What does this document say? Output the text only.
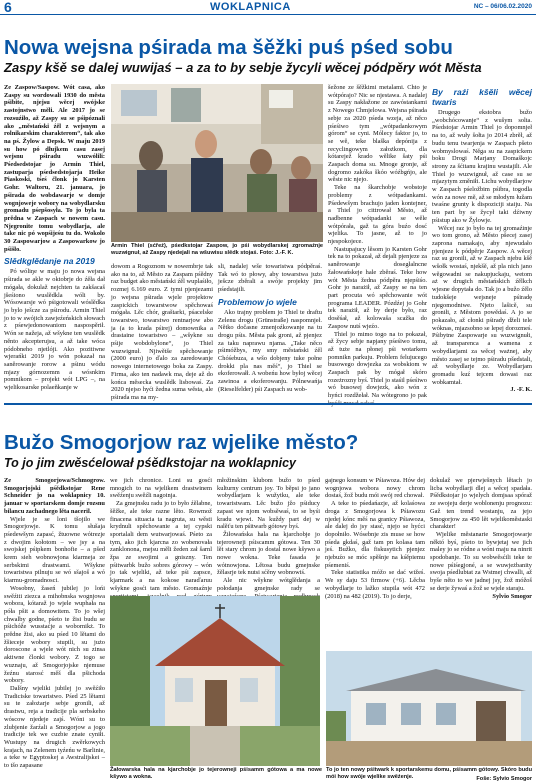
6	WOKLAPNICA	NC – 06/06.02.2020
Nowa wejsna pśirada ma šěžki puś pśed sobu
Zaspy kšě se dalej wuwijaś – a za to by sebje žycyli wěcej pódpěry wót Města

Ze Zaspow/Saspow. Wót casa, ako Zaspy su wordowali 1930 do města pśibite, njejsu wěcej swójske zastojnstwo měli. Ale 2017 jo se rozsuźiło, až Zaspy su se pśipóznali ako „městański źěl z wejsnym a rolnikarskim charakterom“, tak ako na pś. Žylow a Depsk. W maju 2019 su how pó dłujkem casu zasej wejsnu pśiradu wuzwólili: Pśedsedstojar jo Armin Thiel, zastuparja pśedsedstojarja Heike Piaskoski, tśeś člonk jo Karsten Gohr. Waltoru, 21. januara, jo pśirada do wobdawarje w domje wognjoweje wobory na wobydlarsku gromadu pśepšosyła. To jo byla ta prědna w Zaspach w nowem casu. Njegronite tomu wobydlarja, ale take nic pó wopśijeśu tu do. Wokolo 30 Zaspowarjow a Zaspowarkow jo pśišło.

Slědkglědanje na 2019

Pó wóliŋe w maju jo nowa wejsna pśirada se akle w oktobrje do źěła dał mógała, dokulaž nejchten ta zakšacaš jšeśiono wuslědkla wóli by. Wósowarsje wó pśigotowali wóslědka jo bylo ješcze za pśirodu. Armin Thiel jo to w swójich zawjeźeńskich słowach z pśewjedonowaniom naspospěrił. Wón se nažeja, až wšykne ten wuslědk něnto akcepterujsu, a až take wóca pódobneho njetlóji. Ako pozitiwne wjerańki 2019 jo wón pokazał na saněrowanje rorow a pśinu wódu mjazy górnozemm a wósnkim pomnikom – projekt wót LPG –, na wjelikosarske polaeňkanje w

Armin Thiel (sćřeź), pśedkstojar Zaspow, jo pśi wobydlarskej zgromaźnje wuzwignuł, až Zaspy njedejali na wšuwisu slědk stojaś. Foto: J.-F. K.

dowom a Rogoznom w nowembrje tak ako na to, až Město za Zaspam pśědny raz budget ako městański źěl wuplaśiło, rozmej 6.169 euro. Z tymi pjenjezami jo wejsna pśirada wjele projektow zaspickich towarstwow spěchowaś mógała. Lěc chór, graštarki, pśacelske towarstwo, towarstwo rentnarjow abo ja (a to krada pśirej) domownika a drastaine towaristwo – „wšykne su pśije wobdobylone“, jo Thiel wuzwignuł. Njiwětše spěchowanje (2000 euro) jo ďalo za zaredowanje nowego internetowego boka za Zaspy. Firma, ako ten nadawk ma, deje až do końca měsecka wuslědk lisbowaś. Za 2020 njejso hyći žedna suma wěsta, ale pśirada ma na my-

sli, nadalej wše towaristwa pódpěraś. Tak wó to płowy, aby towarstwa jużo ješcze zběrali a swóje projekty jim pśedstajili.

Problemow jo wjele

Ako trajny problem jo Thiel te draftu Zelenu drogu (Grünstraße) naspomnjeł. Nětko dočasne zmenjoźkowanje na tu drogu pśis. Města pak groni, až pjenjez za taku naprawu njama. „Take něco pśimóžbys, my smy městański źěl Chóśebuza, a wšo dobjeny tuke połne drokki pla nas měś“, jo Thiel se ekoferowałł. A wobeńu how byłoj wěcej zawinoa a ekoferowanju. Pólnewańja (Rieselfelder) pśi Zaspach su wob-

šežone ze šěžkimi metalami. Chto je wótpórajo? Nic se njestawa. A nadalej su Zaspy nakłažone ze zawóstankami z Nowego Chmjelowa. Wejsna pśirada sebje za 2020 pśeda wzeja, až něco pśeśiwo tym „wótpadankowym górom“ se cyni. Mólecy faktor jo, to se wě, teke blaška depónija z recyclingowym założkom, dla kótarejež krado wělike šaty pśi Zaspach doma su. Mnoge gronje, až dogromo zakóka škóo wóźbgńjo, ale wěste nic njejo.

Teke na škarchobje wobstoje problemy z wótpadankami. Pśedewšym brachujo jaden kontejner, a Thiel jo cittrował Město, až nadbenne wótpadanki se wěle wótpórała, gaž ta góra buźo dosć wjelika. To jasne, až to jo njespokojece.

Nastupajucy lěsom jo Karsten Gohr tek na to pokazał, až dejali pjenjeze za saněrowanje dosegłalncne žałowańskeje hale zběraś. Teke how wót Města žedna pódpěra njepśiśo. Gohr jo narażił, až Zaspy se na ten part procuta wó spěchowanie wót programa LEADER. Pózdźej jo Gohr tek narażił, až by derje było, raz dosěśał, až kolowaša scažka do Zaspow nutś wjeźo.

Thiel jo mimo togo na to pokazał, až žycy sebje napjany pśeśiwo tomu, až tuże na płonej pśi wotarkem pomnikn parkuju. Problem felujucego busowego dowjezka za wobskiom w Zaspach pak by mógał skóro rozeżrozny byś. Thiel jo staśil pśeśiwo wó busowej dowjezk, ako wón z hyńci rozdžełał. Na wótegrono jo pak

By raźi kšěli wěcej twaris

Drugego ekstobra bužo „wobchócowanje“ z wušym solta. Pśedstojar Armin Thiel jo dopomnjeł na to, až wuły šołta jo 2014 zbrěł, až budu tenu twarjenja w Zaspach pšeto wobmyslowaś. Něga su na zaspickem boku Drogi Marjany Domaškojc strony za šćitanu krajinu wustajili. Ale Thiel jo wuzwignuł, až case su se mjazytym změniłi. Lichu wobydlarjow w Zaspach pśeložbim pśibra, togodla wón za nowe mě, až se młodym łužam twaśne grunty k dispoziciji staiju. Na ten part by se žycył taki dźiwny pśistup ako w Žylowje.

Wěcej raz jo było na tej gromaźinje wo tom grono, až Město pšecej zasej zaprona namakajo, aby njewudało pjenjeze k pódpěrje Zaspow. A wěcej raz su gronili, až w Zaspach njebu kšě wšołk wostaś, njekšě, až pla nich jano wěgowadni se nakupjuckaju, wetom aż w drugich městańskich źělkch wjesne dopytała do. Tak jo a bužo źělo tudokšeje wejsneje pśiradę njegomodniwe. Njeto lašicě, su groniłi, z Městom powědaś. A jo se pokazało, až cłonki pśirady dželi tele wóknas, mjazsobno se lepej dorozmeś. Pśibytne Zaspowarje su wuzwignułi, až transparenca a wamena z wobydlarjami za wěcej ważnej, aby město zasej se tejmo pśiradu pšedstali, až wobydlarje ze. Wobydlarjam gromadu kuź tejcem dowasi raz wobkamtał.

J. -F. K.
Bužo Smogorjow raz wjelike město?
To jo jim zwěsćelował pśědkstojar na woklapnicy

Ze Smogorjowa/Schmogrow. Smogorjojski pśědkstojar Rene Schneider jo na woklapnicy 10. januar w sportarskem domje rozsnu bilancu zachadnego lěta naceril.

Wjele je se loni tšojilo we Smogorjowje. K tomu słušaja pśedewšym zapasć, žtuowne wótrezje z dwojim kołotom – we jsy a na swojskej pśipkem bonhofie – a pšed krem sieh wobnowjona kiarmeja ze serbskimi drastwami. Wšykne towaristwa pilnuju se wó sšajoš a wó kiarmu-gromadnosci.

Wosobny, žaseń jubilej jo lońi swěźiti ziezca a mihobnska wognjowa wobora, kótaraž jo wjele wuphała na póła pšit a domowitem. To jo wšej chwalby godne, pśeto te žisi budu se pśichóže wusstaćje a wobornikż. To prědne žisi, ako su pśed 10 lětami do žšieceje wobory stupili, su jużo doroscone a wjele wót nich su zinsa aktiwne člonki wobory. Z togo se wuznaju, až Smogorjojske njemuse žeźnu starosć měš dla pšichoda wobory.

Dalšny wjeliki jubilej jo swěźiło Tradiciske towaristwo. Pśed 25 lětami su te założarje sebje gronili, až drastwu, reja a tradicije pla serbskeho wóscow njedeje zajś. Wóni su to zlubjenie žarźali a Smogorjow a jogo tradicije tek we cuzbie znate cyniłi. Wustupy na drugich zwěrkowych krajach, na Zelenem tyźeńu w Barlinie, a teke w Egyptoskej a Awstralijskei – to tšo zapasane

we jich chronice. Loni su gosći mnogich to na wjelikem drastwinem swěźenju swěźli nagoinja.

Za gmejnsku radu jo to było źělabne, šěžke, ale teke razne lěto. Rowmož finacena situacia ta nagruta, su wěsti krydnuli spěchowanie a tej cypski sportalali dem wutwarjowaś. Pśeto za tym, ako jich kjarcna zo wobenovała zanklonona, mejsu měli žeden zał šarnl žpa ze swojimi a gniszny. Ten pśitwarbk bužo sobres górowy – wón jo tak wjeliki, až teke pśi zapsce, kjarmark a na kokose naraďaruu wšykne gosći tam město. Gromaźnje

młožinskim klubom bužo to pśed kulturny centrum joy. To běpsi jo jano wobydlarjam k wužytku, ale teke towaristwam. Lěc bužo jžo pśiducy zapast we njom wobsěwaś, to se byśi kradu wjewi. Na kuždy part dej w nalěťu ten pśitwarb gótowy byś.

Žiłowańska hala na kjarchobje jo tejerowneji pśiscamm gótowa. Ten 30 lět stary chrom jo dostal nowe kšywo a nowe wokna. Teke fasada je wótnowjona. Lětosa budu gmejnske žělasrje tek nutsi sćěny wobnowiś.

Ale nic wšykne wótglědanja a połodanja gmejnske rady se

gajnego konsum w Pśiawoza. Hów dej wognjowa wobora nowy chrom dostaś, žož budu mói swój red chował.

A teke to pśedańazje, až kolaśowa droga z Smogorjowa k Pśiawozu njedej kónc měś na granicy Pśiawoza, ale dalej do jsy stasć, njejo se hyćci dopołniło. Wósebnje zis muse se how pśeda gkdaś, gaž tam pn kolasa tam jeś. Bužko, dla fiskusytich pjenjez njebuźo se móc spěšnje na kśěpiemu pśemeniś.

Teke statistika móžo se dać wižeś. We sy daju 53 firmow (+6). Lěcba wobydlarje to lažko stupila wót 472 (2018) na 482 (2019). To jo derje,

dokulaž we pjerwješnych lětach jo licba wobydlarji dlej a wěcej spadała. Pśědkstojar jo wjelych domjsaa spóraž ze swojeju derje woblonenju prognozu: Gaž ten trend wostanju, za jejo Smogorjow za 450 lět wjelikoměstaski charakter!

Wjelike městanarie Smogorjowarje něktó byś, pśeto to bywjetaj we jich maley jo se ródne a wóni maju na ninrit spodobanje. To su wobwěsćili teke te nowe pśiśegjoné, a se wuwjeżbanity swoja pśedlubtat za Wstmej chwalli, až byše něto to we jadnej jsy, žož móžoš se derje žywaś a žož se wjele staraju.

Sylvio Smogor
Žałowarska hala na kjarchobje jo tejerowneji pśisamm gótowa a ma nowe kšywo a wokna.
To jo ten nowy pśitwark k sportarskemu domu, pśisamm gótowy. Skóro budu mói how swóje wjelike swěźenje.	Foše: Sylvio Smogor
